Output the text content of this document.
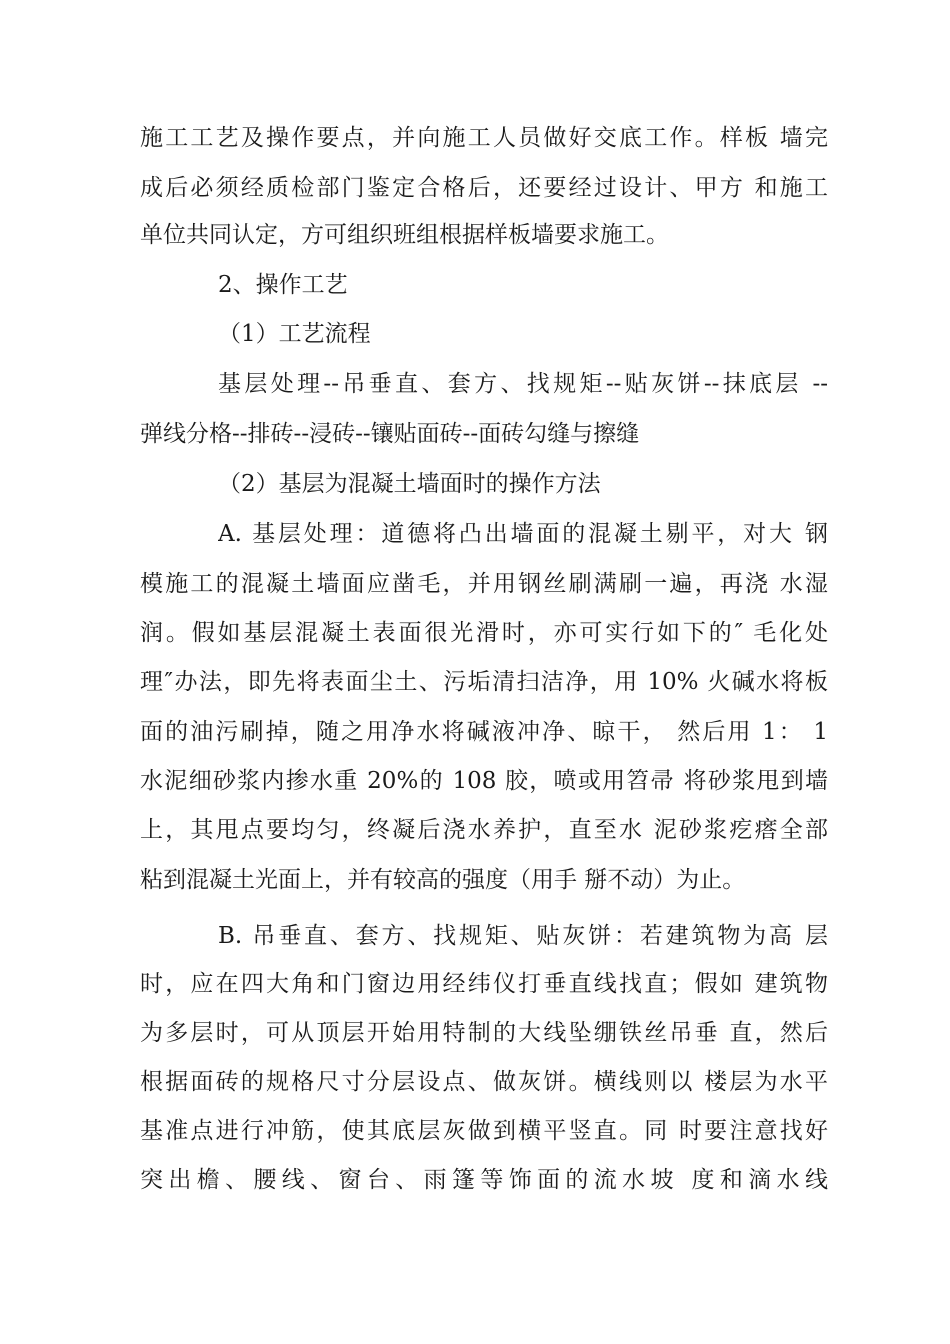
施工工艺及操作要点，并向施工人员做好交底工作。样板 墙完
成后必须经质检部门鉴定合格后，还要经过设计、甲方 和施工
单位共同认定，方可组织班组根据样板墙要求施工。
2、操作工艺
（1）工艺流程
基层处理--吊垂直、套方、找规矩--贴灰饼--抹底层 --
弹线分格--排砖--浸砖--镶贴面砖--面砖勾缝与擦缝
（2）基层为混凝土墙面时的操作方法
A. 基层处理：道德将凸出墙面的混凝土剔平，对大 钢
模施工的混凝土墙面应凿毛，并用钢丝刷满刷一遍，再浇 水湿
润。假如基层混凝土表面很光滑时，亦可实行如下的″ 毛化处
理″办法，即先将表面尘土、污垢清扫洁净，用 10% 火碱水将板
面的油污刷掉，随之用净水将碱液冲净、晾干， 然后用 1： 1
水泥细砂浆内掺水重 20%的 108 胶，喷或用笤帚 将砂浆甩到墙
上，其甩点要均匀，终凝后浇水养护，直至水 泥砂浆疙瘩全部
粘到混凝土光面上，并有较高的强度（用手 掰不动）为止。
B. 吊垂直、套方、找规矩、贴灰饼：若建筑物为高 层
时，应在四大角和门窗边用经纬仪打垂直线找直；假如 建筑物
为多层时，可从顶层开始用特制的大线坠绷铁丝吊垂 直，然后
根据面砖的规格尺寸分层设点、做灰饼。横线则以 楼层为水平
基准点进行冲筋，使其底层灰做到横平竖直。同 时要注意找好
突出檐、腰线、窗台、雨篷等饰面的流水坡 度和滴水线
